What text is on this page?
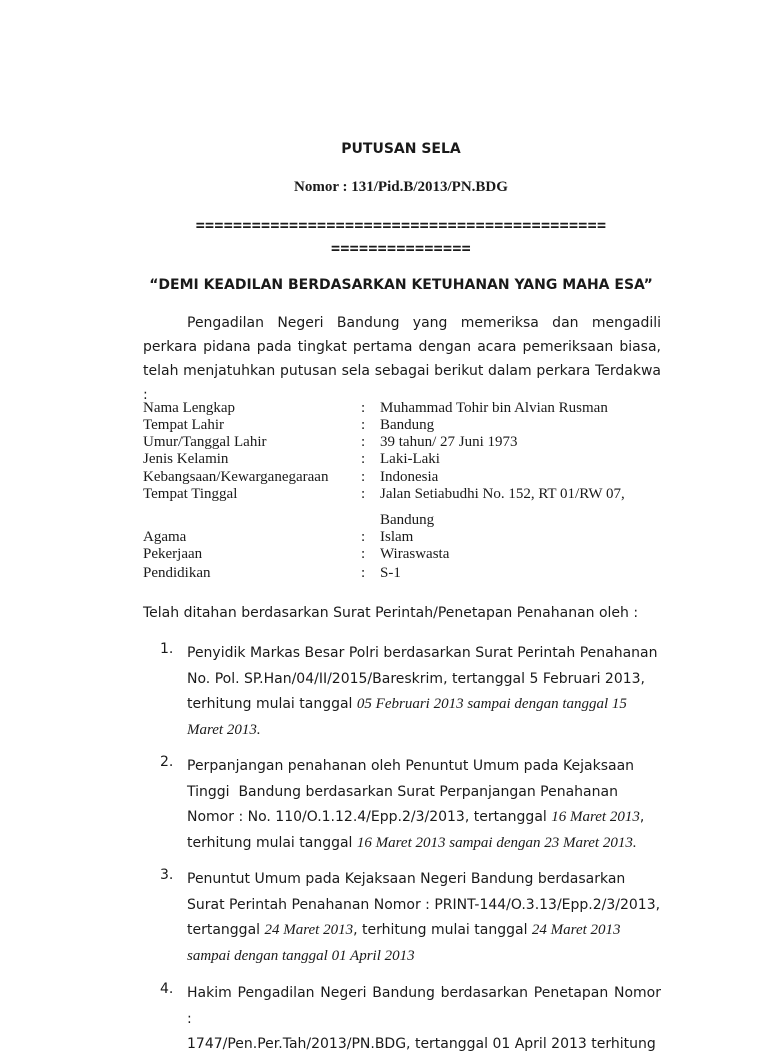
PUTUSAN SELA
Nomor : 131/Pid.B/2013/PN.BDG
============================================
===============
“DEMI KEADILAN BERDASARKAN KETUHANAN YANG MAHA ESA”
Pengadilan Negeri Bandung yang memeriksa dan mengadili perkara pidana pada tingkat pertama dengan acara pemeriksaan biasa, telah menjatuhkan putusan sela sebagai berikut dalam perkara Terdakwa :
Nama Lengkap	: Muhammad Tohir bin Alvian Rusman
Tempat Lahir	: Bandung
Umur/Tanggal Lahir	: 39 tahun/ 27 Juni 1973
Jenis Kelamin	: Laki-Laki
Kebangsaan/Kewarganegaraan : Indonesia
Tempat Tinggal	: Jalan Setiabudhi No. 152, RT 01/RW 07,
Bandung
Agama	: Islam
Pekerjaan	: Wiraswasta
Pendidikan	: S-1
Telah ditahan berdasarkan Surat Perintah/Penetapan Penahanan oleh :
1. Penyidik Markas Besar Polri berdasarkan Surat Perintah Penahanan
No. Pol. SP.Han/04/II/2015/Bareskrim, tertanggal 5 Februari 2013,
terhitung mulai tanggal 05 Februari 2013 sampai dengan tanggal 15
Maret 2013.
2. Perpanjangan penahanan oleh Penuntut Umum pada Kejaksaan
Tinggi  Bandung berdasarkan Surat Perpanjangan Penahanan
Nomor : No. 110/O.1.12.4/Epp.2/3/2013, tertanggal 16 Maret 2013,
terhitung mulai tanggal 16 Maret 2013 sampai dengan 23 Maret 2013.
3. Penuntut Umum pada Kejaksaan Negeri Bandung berdasarkan
Surat Perintah Penahanan Nomor : PRINT-144/O.3.13/Epp.2/3/2013,
tertanggal 24 Maret 2013, terhitung mulai tanggal 24 Maret 2013
sampai dengan tanggal 01 April 2013
4. Hakim Pengadilan Negeri Bandung berdasarkan Penetapan Nomor :
1747/Pen.Per.Tah/2013/PN.BDG, tertanggal 01 April 2013 terhitung
